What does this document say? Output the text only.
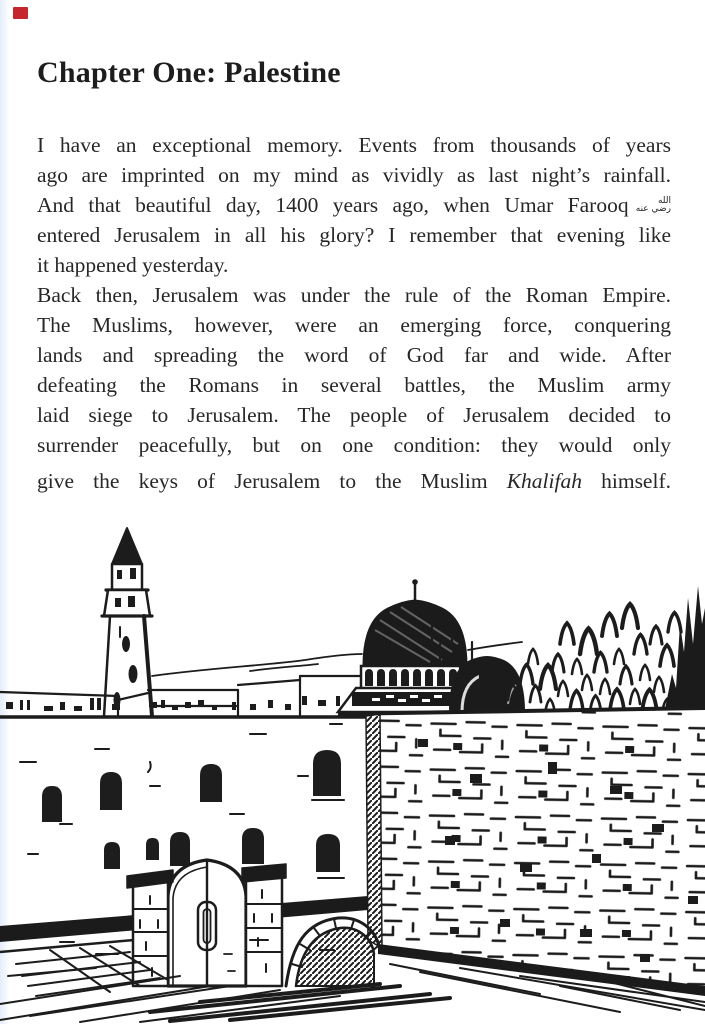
Chapter One: Palestine
I have an exceptional memory. Events from thousands of years
ago are imprinted on my mind as vividly as last night’s rainfall.
And that beautiful day, 1400 years ago, when Umar Farooq	الله
رضي عنه
entered Jerusalem in all his glory? I remember that evening like
it happened yesterday.
Back then, Jerusalem was under the rule of the Roman Empire.
The Muslims, however, were an emerging force, conquering
lands and spreading the word of God far and wide. After
defeating the Romans in several battles, the Muslim army
laid siege to Jerusalem. The people of Jerusalem decided to
surrender peacefully, but on one condition: they would only
give the keys of Jerusalem to the Muslim Khalifah himself.
